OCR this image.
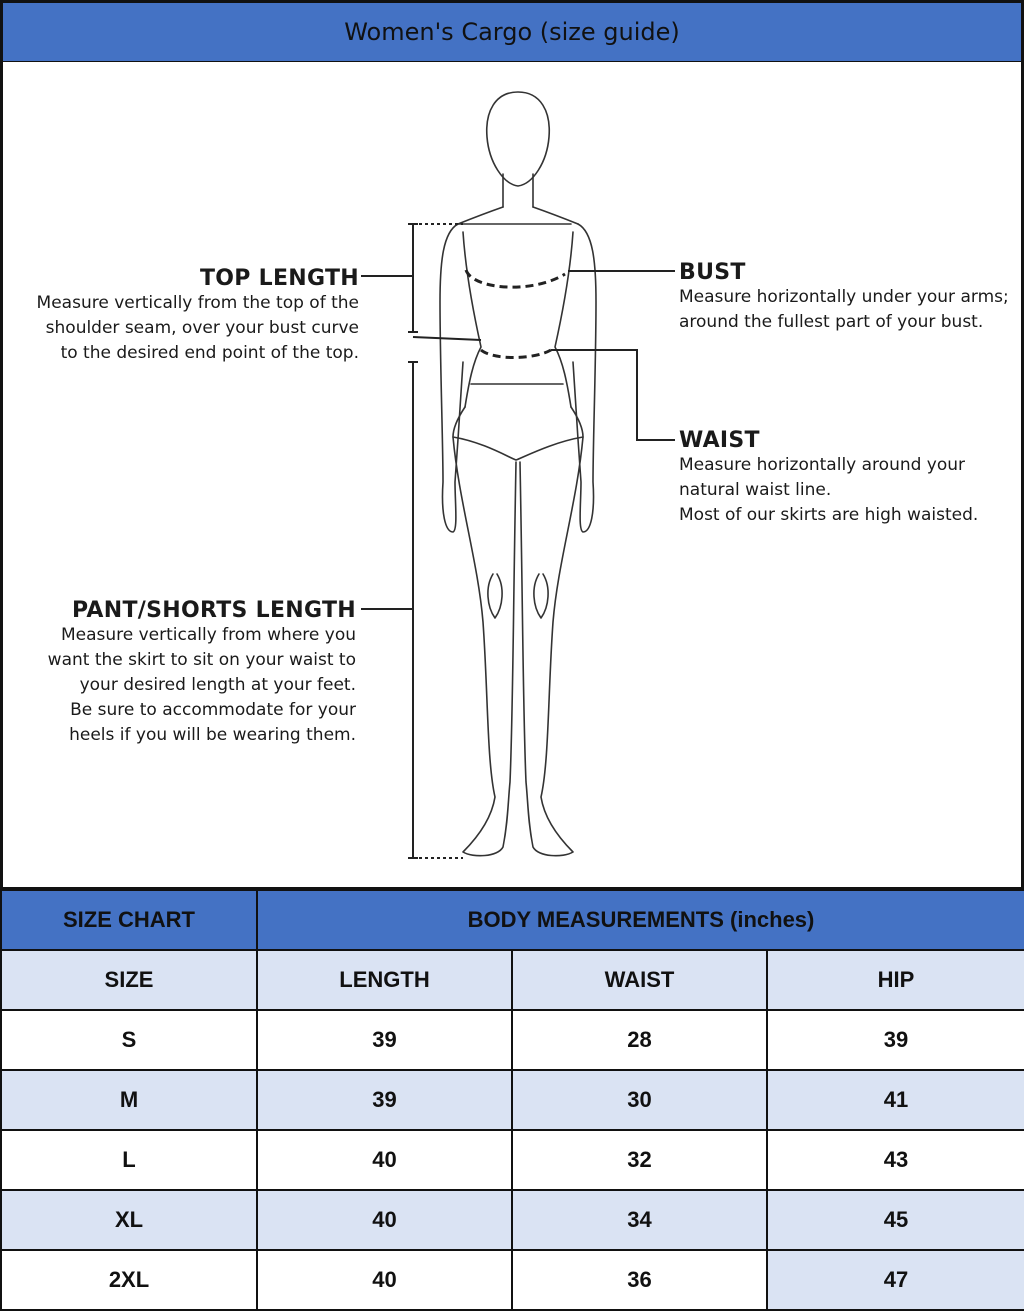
Women's Cargo (size guide)
TOP LENGTH
Measure vertically from the top of the
shoulder seam, over your bust curve
to the desired end point of the top.
BUST
Measure horizontally under your arms;
around the fullest part of your bust.
WAIST
Measure horizontally around your
natural waist line.
Most of our skirts are high waisted.
PANT/SHORTS LENGTH
Measure vertically from where you
want the skirt to sit on your waist to
your desired length at your feet.
Be sure to accommodate for your
heels if you will be wearing them.
SIZE CHART	BODY MEASUREMENTS (inches)		
SIZE	LENGTH	WAIST	HIP
S	39	28	39
M	39	30	41
L	40	32	43
XL	40	34	45
2XL	40	36	47
